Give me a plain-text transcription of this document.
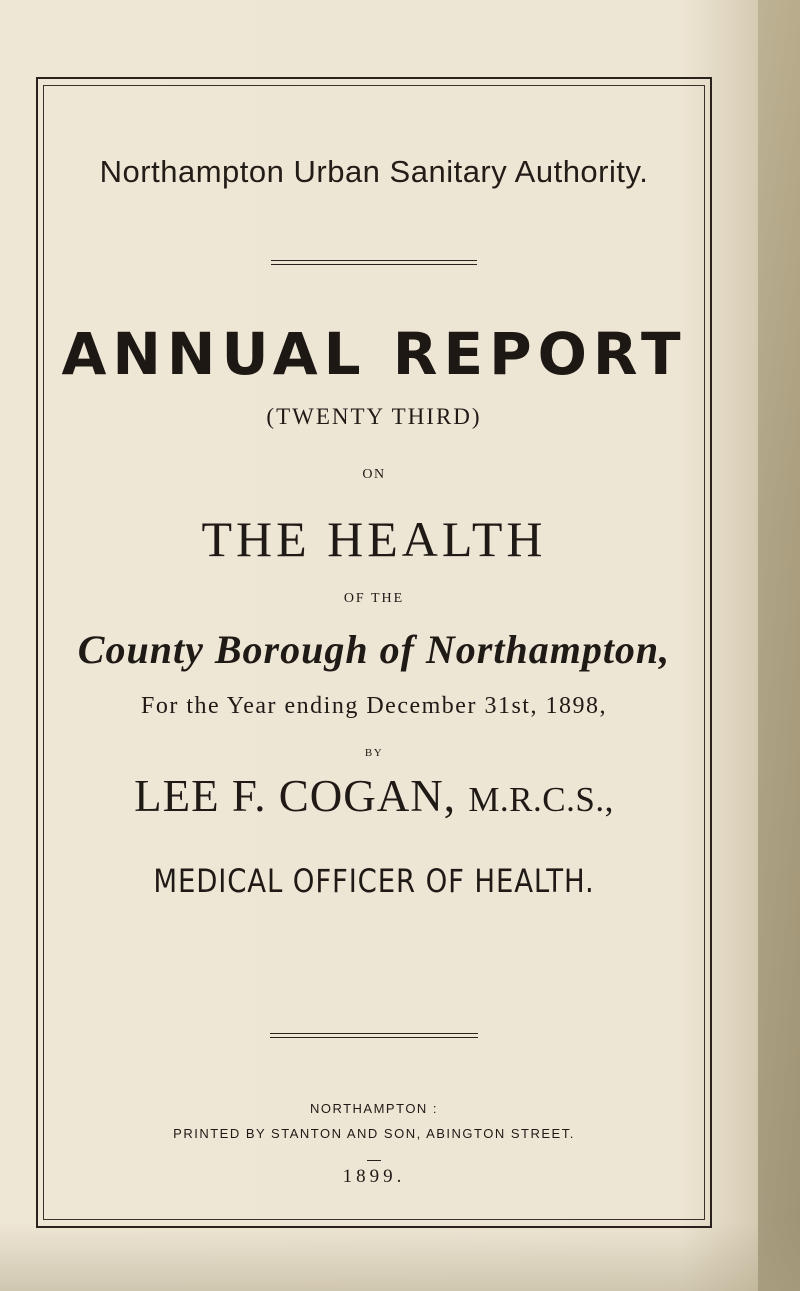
Northampton Urban Sanitary Authority.
ANNUAL REPORT
(TWENTY THIRD)
ON
THE HEALTH
OF THE
County Borough of Northampton,
For the Year ending December 31st, 1898,
BY
LEE F. COGAN, M.R.C.S.,
MEDICAL OFFICER OF HEALTH.
NORTHAMPTON :
PRINTED BY STANTON AND SON, ABINGTON STREET.
1899.
